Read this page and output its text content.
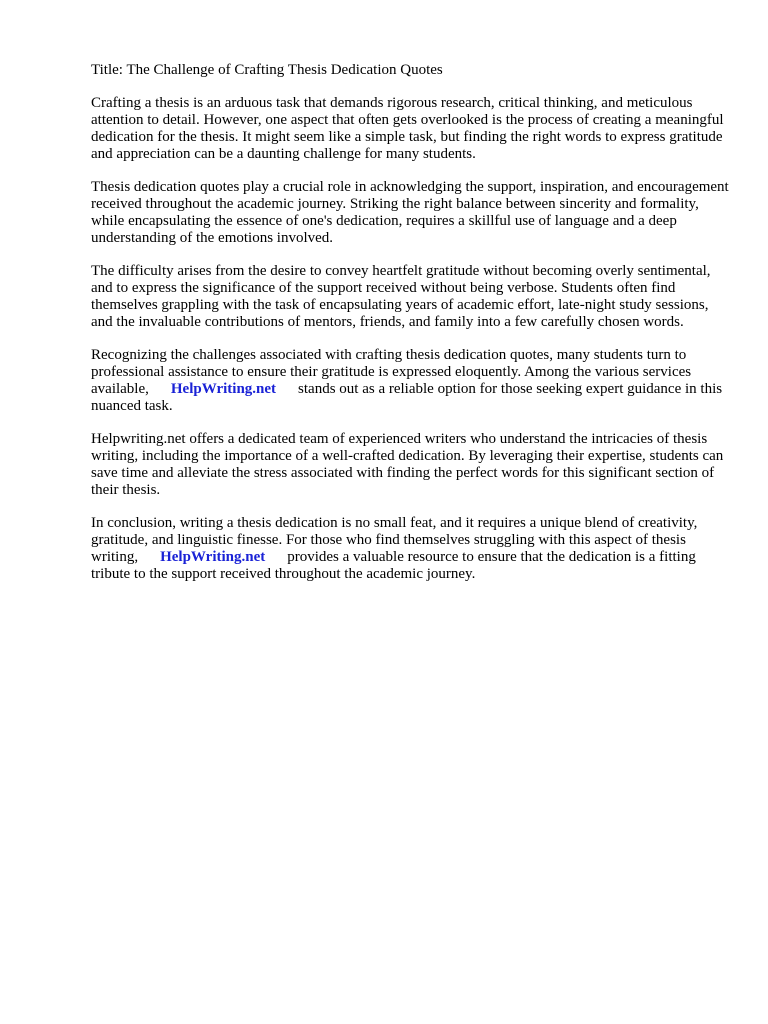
Title: The Challenge of Crafting Thesis Dedication Quotes

Crafting a thesis is an arduous task that demands rigorous research, critical thinking, and meticulous attention to detail. However, one aspect that often gets overlooked is the process of creating a meaningful dedication for the thesis. It might seem like a simple task, but finding the right words to express gratitude and appreciation can be a daunting challenge for many students.

Thesis dedication quotes play a crucial role in acknowledging the support, inspiration, and encouragement received throughout the academic journey. Striking the right balance between sincerity and formality, while encapsulating the essence of one's dedication, requires a skillful use of language and a deep understanding of the emotions involved.

The difficulty arises from the desire to convey heartfelt gratitude without becoming overly sentimental, and to express the significance of the support received without being verbose. Students often find themselves grappling with the task of encapsulating years of academic effort, late-night study sessions, and the invaluable contributions of mentors, friends, and family into a few carefully chosen words.

Recognizing the challenges associated with crafting thesis dedication quotes, many students turn to professional assistance to ensure their gratitude is expressed eloquently. Among the various services available, HelpWriting.net stands out as a reliable option for those seeking expert guidance in this nuanced task.

Helpwriting.net offers a dedicated team of experienced writers who understand the intricacies of thesis writing, including the importance of a well-crafted dedication. By leveraging their expertise, students can save time and alleviate the stress associated with finding the perfect words for this significant section of their thesis.

In conclusion, writing a thesis dedication is no small feat, and it requires a unique blend of creativity, gratitude, and linguistic finesse. For those who find themselves struggling with this aspect of thesis writing, HelpWriting.net provides a valuable resource to ensure that the dedication is a fitting tribute to the support received throughout the academic journey.
